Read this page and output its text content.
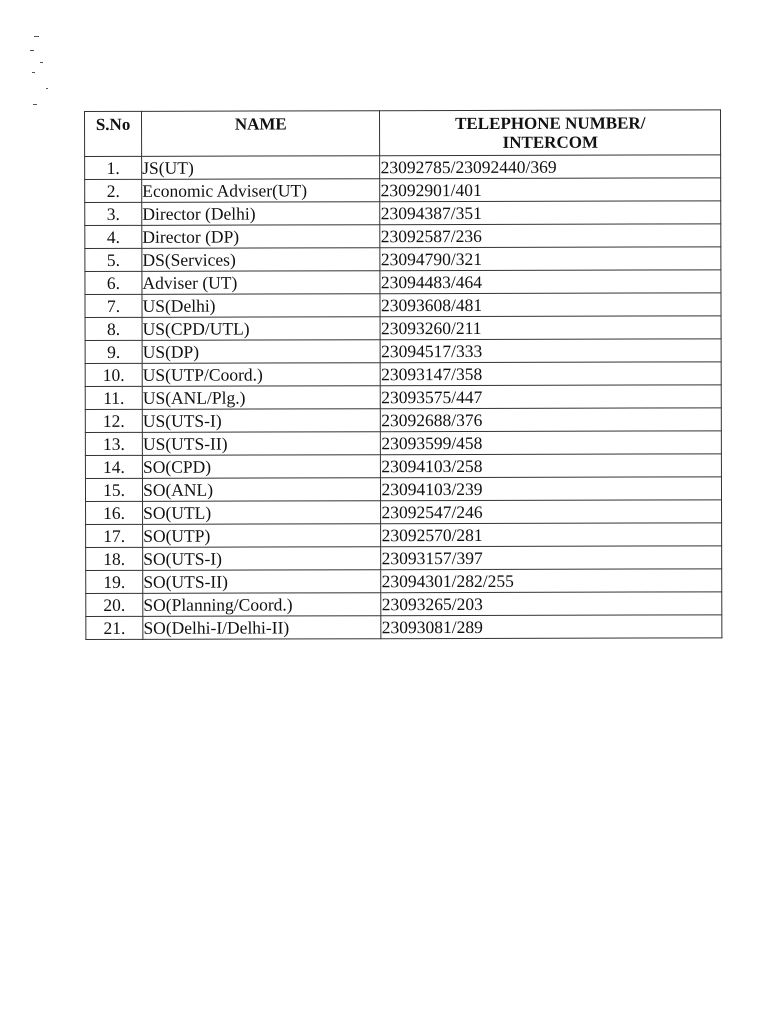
S.No	NAME	TELEPHONE NUMBER/
INTERCOM

1.	JS(UT)	23092785/23092440/369
2.	Economic Adviser(UT)	23092901/401
3.	Director (Delhi)	23094387/351
4.	Director (DP)	23092587/236
5.	DS(Services)	23094790/321
6.	Adviser (UT)	23094483/464
7.	US(Delhi)	23093608/481
8.	US(CPD/UTL)	23093260/211
9.	US(DP)	23094517/333
10.	US(UTP/Coord.)	23093147/358
11.	US(ANL/Plg.)	23093575/447
12.	US(UTS-I)	23092688/376
13.	US(UTS-II)	23093599/458
14.	SO(CPD)	23094103/258
15.	SO(ANL)	23094103/239
16.	SO(UTL)	23092547/246
17.	SO(UTP)	23092570/281
18.	SO(UTS-I)	23093157/397
19.	SO(UTS-II)	23094301/282/255
20.	SO(Planning/Coord.)	23093265/203
21.	SO(Delhi-I/Delhi-II)	23093081/289
